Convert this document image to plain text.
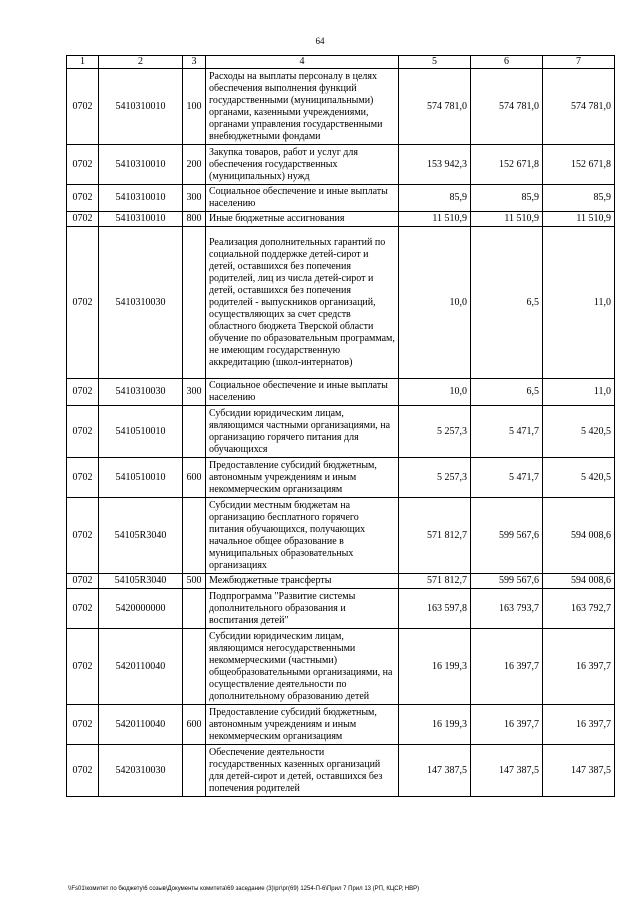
64
1	2	3	4	5	6	7
0702	5410310010	100	Расходы на выплаты персоналу в целях обеспечения выполнения функций государственными (муниципальными) органами, казенными учреждениями, органами управления государственными внебюджетными фондами	574 781,0	574 781,0	574 781,0
0702	5410310010	200	Закупка товаров, работ и услуг для обеспечения государственных (муниципальных) нужд	153 942,3	152 671,8	152 671,8
0702	5410310010	300	Социальное обеспечение и иные выплаты населению	85,9	85,9	85,9
0702	5410310010	800	Иные бюджетные ассигнования	11 510,9	11 510,9	11 510,9
0702	5410310030		Реализация дополнительных гарантий по социальной поддержке детей-сирот и детей, оставшихся без попечения родителей, лиц из числа детей-сирот и детей, оставшихся без попечения родителей - выпускников организаций, осуществляющих за счет средств областного бюджета Тверской области обучение по образовательным программам, не имеющим государственную аккредитацию (школ-интернатов)	10,0	6,5	11,0
0702	5410310030	300	Социальное обеспечение и иные выплаты населению	10,0	6,5	11,0
0702	5410510010		Субсидии юридическим лицам, являющимся частными организациями, на организацию горячего питания для обучающихся	5 257,3	5 471,7	5 420,5
0702	5410510010	600	Предоставление субсидий бюджетным, автономным учреждениям и иным некоммерческим организациям	5 257,3	5 471,7	5 420,5
0702	54105R3040		Субсидии местным бюджетам на организацию бесплатного горячего питания обучающихся, получающих начальное общее образование в муниципальных образовательных организациях	571 812,7	599 567,6	594 008,6
0702	54105R3040	500	Межбюджетные трансферты	571 812,7	599 567,6	594 008,6
0702	5420000000		Подпрограмма "Развитие системы дополнительного образования и воспитания детей"	163 597,8	163 793,7	163 792,7
0702	5420110040		Субсидии юридическим лицам, являющимся негосударственными некоммерческими (частными) общеобразовательными организациями, на осуществление деятельности по дополнительному образованию детей	16 199,3	16 397,7	16 397,7
0702	5420110040	600	Предоставление субсидий бюджетным, автономным учреждениям и иным некоммерческим организациям	16 199,3	16 397,7	16 397,7
0702	5420310030		Обеспечение деятельности государственных казенных организаций для детей-сирот и детей, оставшихся без попечения родителей	147 387,5	147 387,5	147 387,5
\\Fs01\комитет по бюджету\6 созыв\Документы комитета\69 заседание (3)\рг\рг(69) 1254-П-6\Прил 7 Прил 13 (РП, КЦСР, НВР)
